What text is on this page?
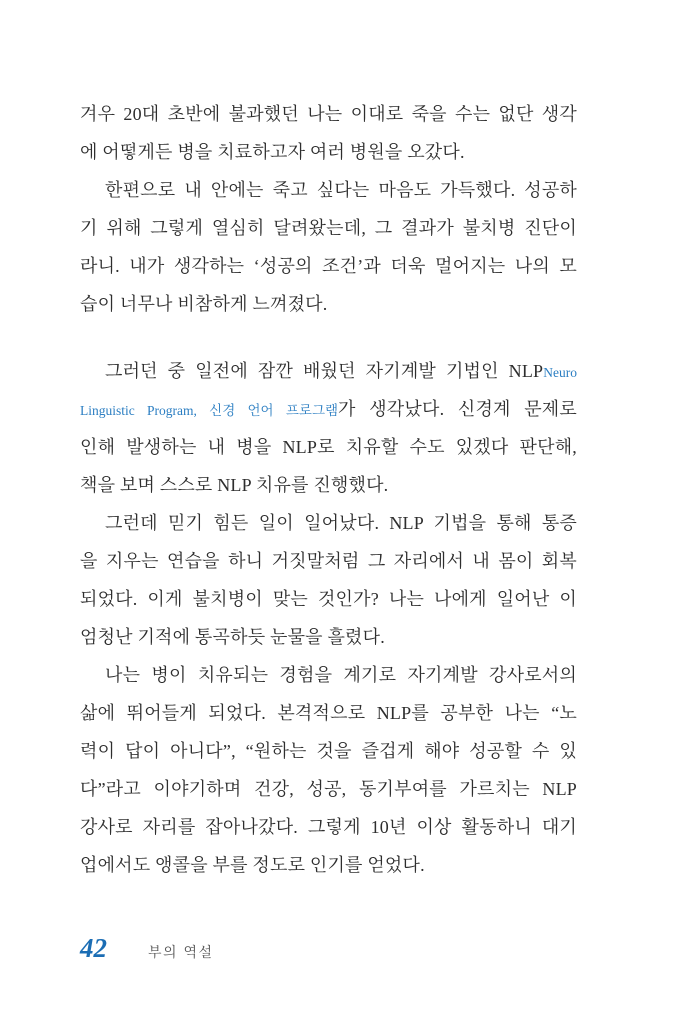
겨우 20대 초반에 불과했던 나는 이대로 죽을 수는 없단 생각
에 어떻게든 병을 치료하고자 여러 병원을 오갔다.
한편으로 내 안에는 죽고 싶다는 마음도 가득했다. 성공하
기 위해 그렇게 열심히 달려왔는데, 그 결과가 불치병 진단이
라니. 내가 생각하는 ‘성공의 조건’과 더욱 멀어지는 나의 모
습이 너무나 비참하게 느껴졌다.
그러던 중 일전에 잠깐 배웠던 자기계발 기법인 NLPNeuro
Linguistic Program, 신경 언어 프로그램가 생각났다. 신경계 문제로
인해 발생하는 내 병을 NLP로 치유할 수도 있겠다 판단해,
책을 보며 스스로 NLP 치유를 진행했다.
그런데 믿기 힘든 일이 일어났다. NLP 기법을 통해 통증
을 지우는 연습을 하니 거짓말처럼 그 자리에서 내 몸이 회복
되었다. 이게 불치병이 맞는 것인가? 나는 나에게 일어난 이
엄청난 기적에 통곡하듯 눈물을 흘렸다.
나는 병이 치유되는 경험을 계기로 자기계발 강사로서의
삶에 뛰어들게 되었다. 본격적으로 NLP를 공부한 나는 “노
력이 답이 아니다”, “원하는 것을 즐겁게 해야 성공할 수 있
다”라고 이야기하며 건강, 성공, 동기부여를 가르치는 NLP
강사로 자리를 잡아나갔다. 그렇게 10년 이상 활동하니 대기
업에서도 앵콜을 부를 정도로 인기를 얻었다.
42	부의 역설
